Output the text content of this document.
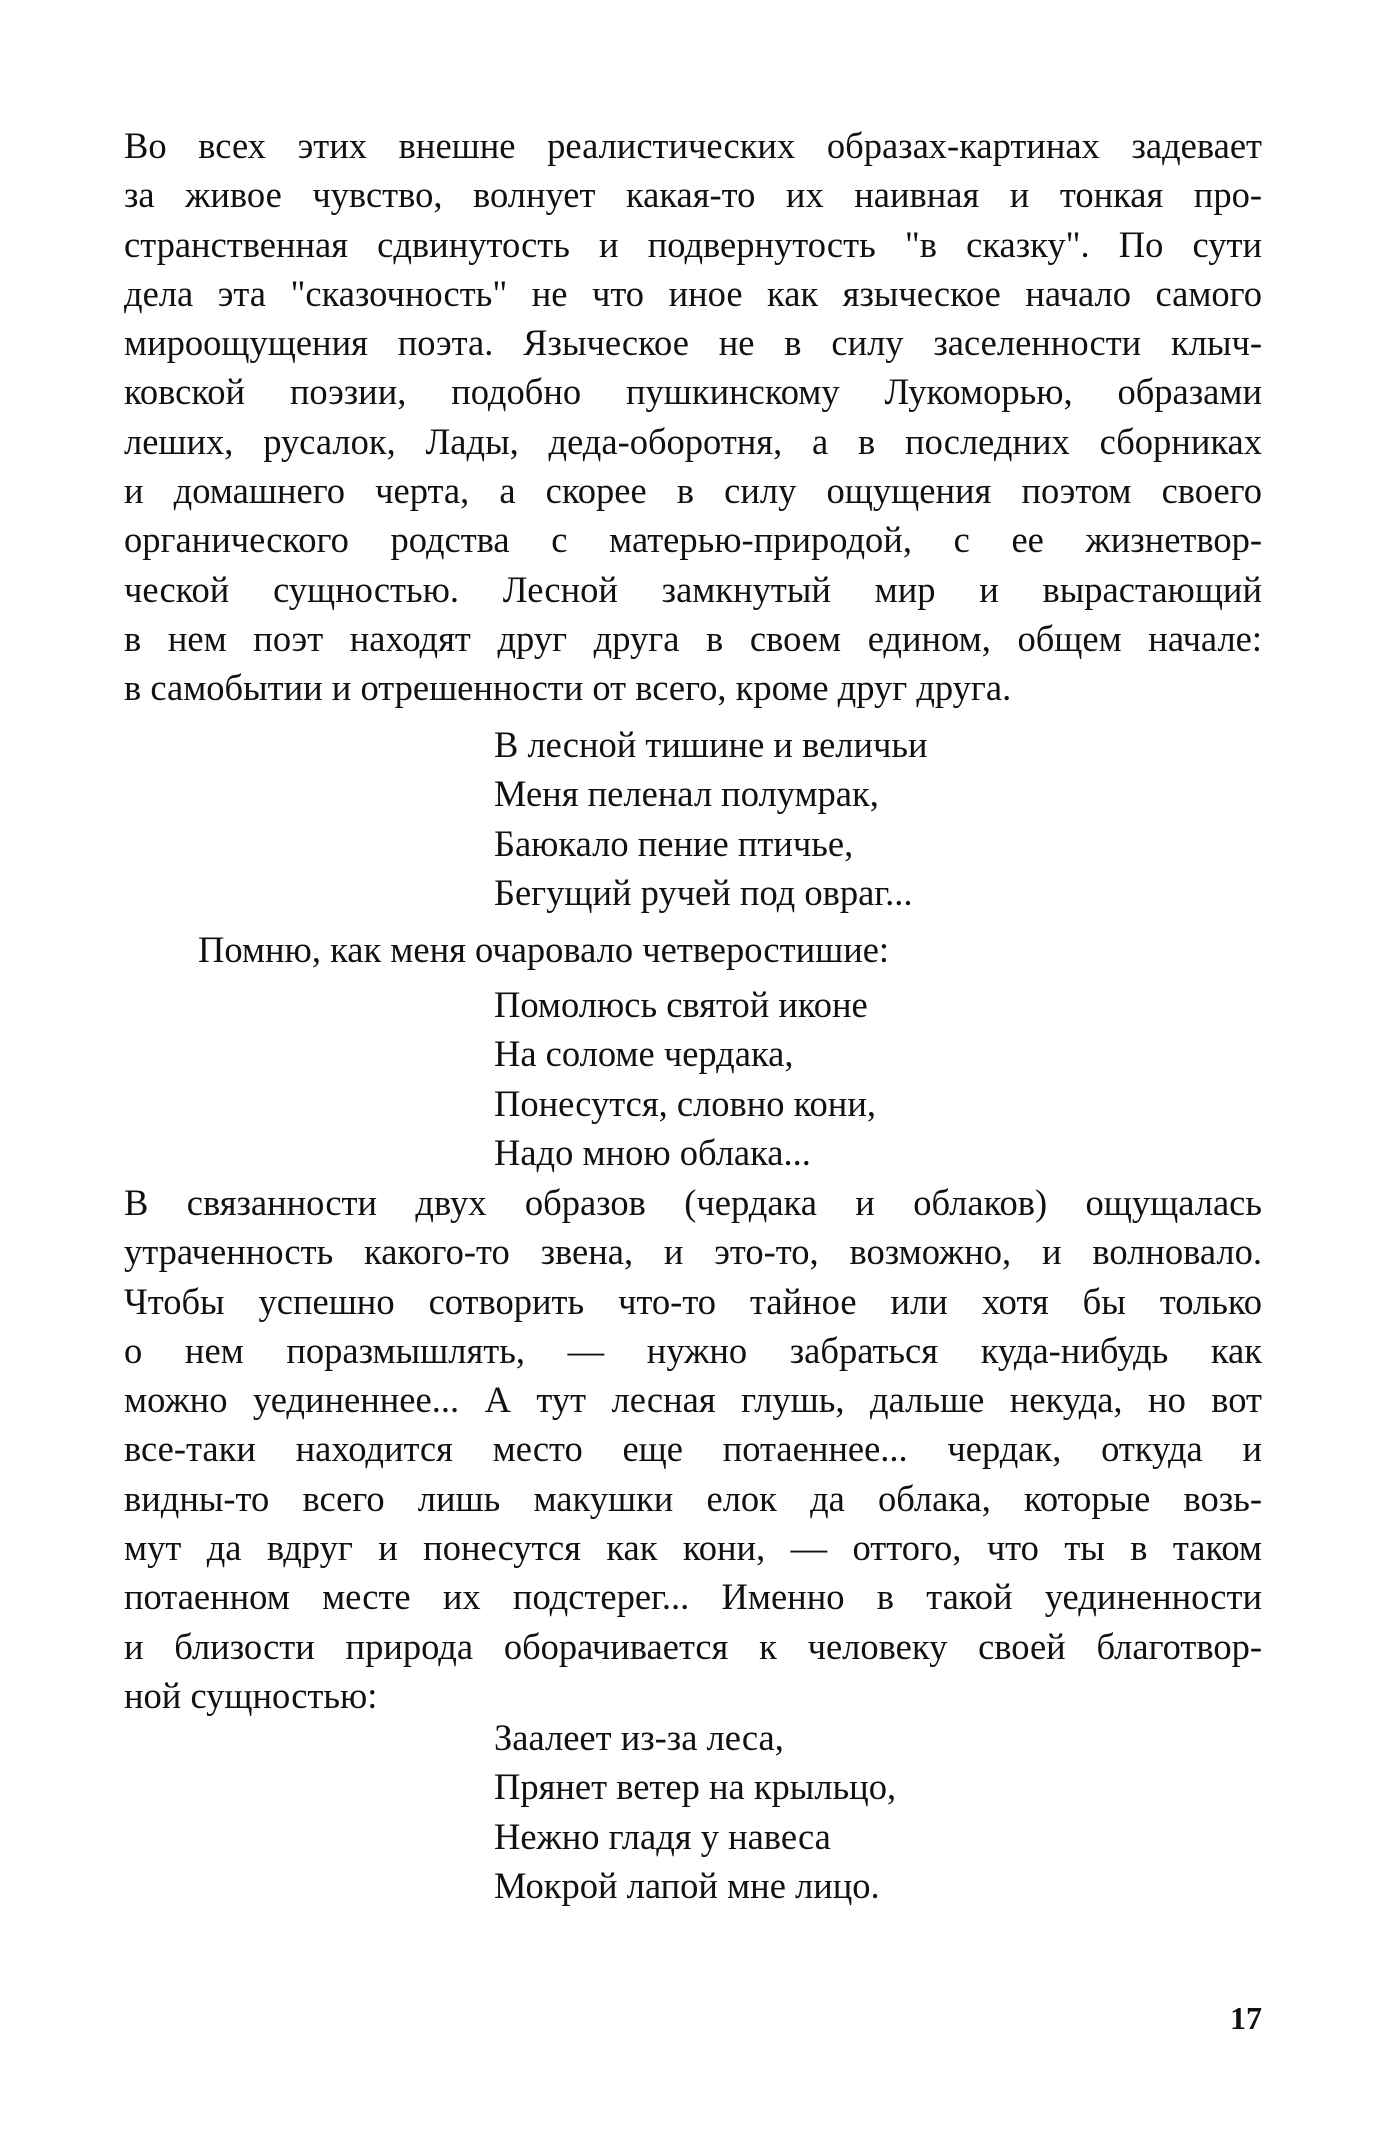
Во всех этих внешне реалистических образах-картинах задевает
за живое чувство, волнует какая-то их наивная и тонкая про-
странственная сдвинутость и подвернутость "в сказку". По сути
дела эта "сказочность" не что иное как языческое начало самого
мироощущения поэта. Языческое не в силу заселенности клыч-
ковской поэзии, подобно пушкинскому Лукоморью, образами
леших, русалок, Лады, деда-оборотня, а в последних сборниках
и домашнего черта, а скорее в силу ощущения поэтом своего
органического родства с матерью-природой, с ее жизнетвор-
ческой сущностью. Лесной замкнутый мир и вырастающий
в нем поэт находят друг друга в своем едином, общем начале:
в самобытии и отрешенности от всего, кроме друг друга.
В лесной тишине и величьи
Меня пеленал полумрак,
Баюкало пение птичье,
Бегущий ручей под овраг...
Помню, как меня очаровало четверостишие:
Помолюсь святой иконе
На соломе чердака,
Понесутся, словно кони,
Надо мною облака...
В связанности двух образов (чердака и облаков) ощущалась
утраченность какого-то звена, и это-то, возможно, и волновало.
Чтобы успешно сотворить что-то тайное или хотя бы только
о нем поразмышлять, — нужно забраться куда-нибудь как
можно уединеннее... А тут лесная глушь, дальше некуда, но вот
все-таки находится место еще потаеннее... чердак, откуда и
видны-то всего лишь макушки елок да облака, которые возь-
мут да вдруг и понесутся как кони, — оттого, что ты в таком
потаенном месте их подстерег... Именно в такой уединенности
и близости природа оборачивается к человеку своей благотвор-
ной сущностью:
Заалеет из-за леса,
Прянет ветер на крыльцо,
Нежно гладя у навеса
Мокрой лапой мне лицо.
17
